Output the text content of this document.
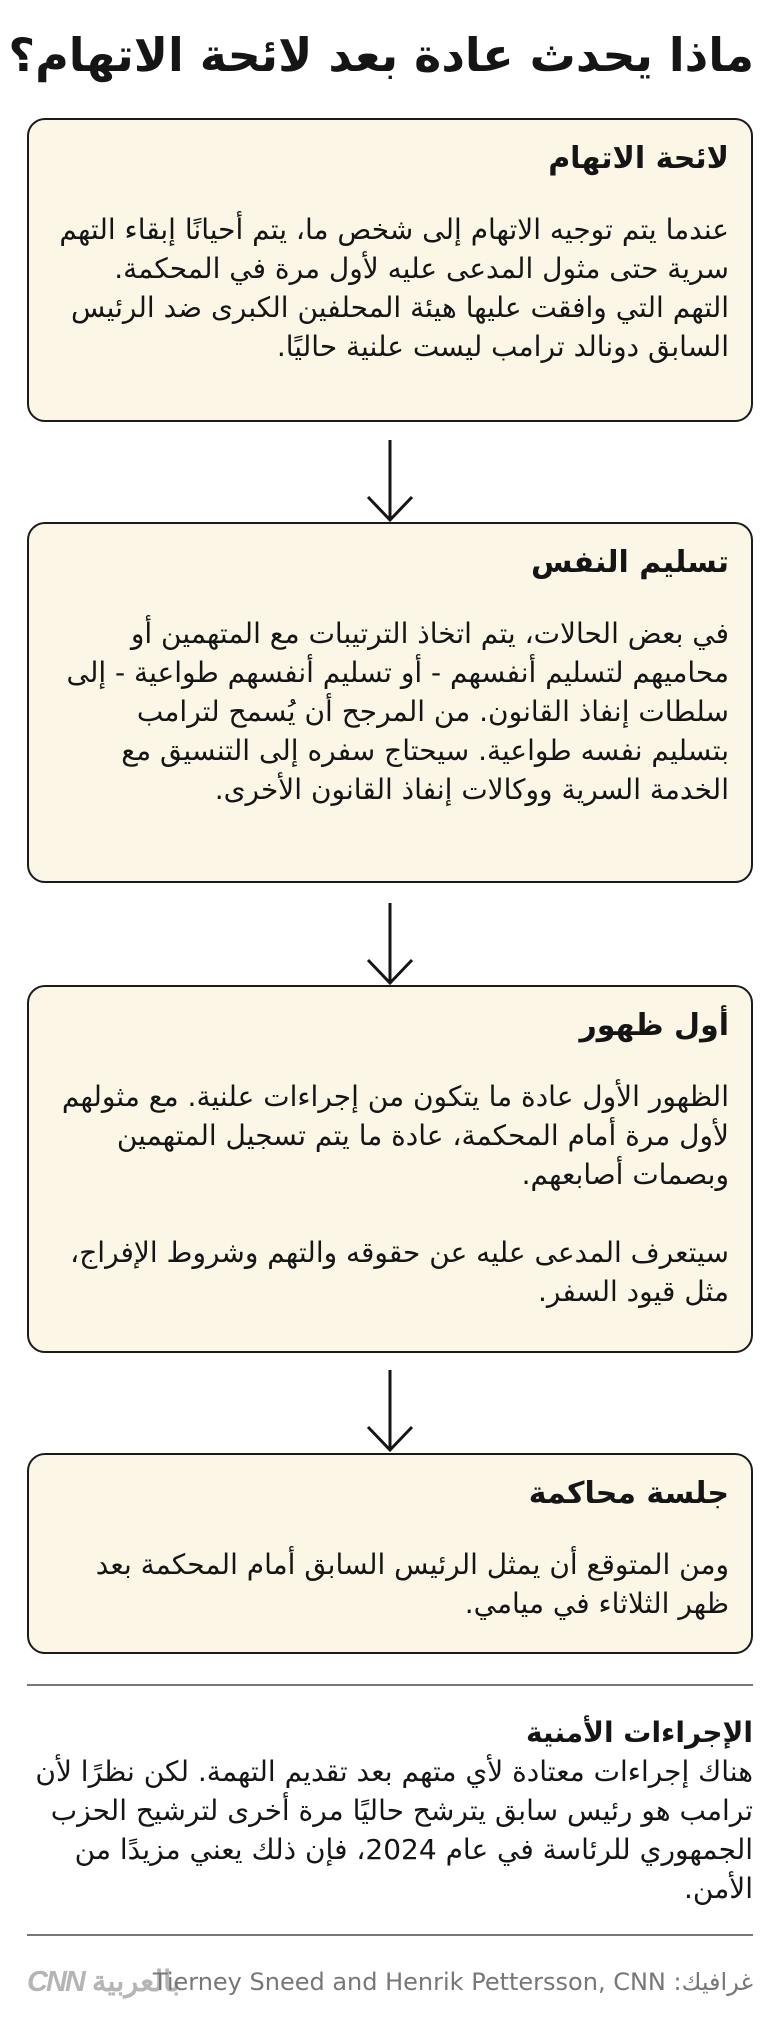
ماذا يحدث عادة بعد لائحة الاتهام؟
لائحة الاتهام

عندما يتم توجيه الاتهام إلى شخص ما، يتم أحيانًا إبقاء التهم سرية حتى مثول المدعى عليه لأول مرة في المحكمة. التهم التي وافقت عليها هيئة المحلفين الكبرى ضد الرئيس السابق دونالد ترامب ليست علنية حاليًا.

تسليم النفس

في بعض الحالات، يتم اتخاذ الترتيبات مع المتهمين أو محاميهم لتسليم أنفسهم - أو تسليم أنفسهم طواعية - إلى سلطات إنفاذ القانون. من المرجح أن يُسمح لترامب بتسليم نفسه طواعية. سيحتاج سفره إلى التنسيق مع الخدمة السرية ووكالات إنفاذ القانون الأخرى.

أول ظهور

الظهور الأول عادة ما يتكون من إجراءات علنية. مع مثولهم لأول مرة أمام المحكمة، عادة ما يتم تسجيل المتهمين وبصمات أصابعهم.

سيتعرف المدعى عليه عن حقوقه والتهم وشروط الإفراج، مثل قيود السفر.

جلسة محاكمة

ومن المتوقع أن يمثل الرئيس السابق أمام المحكمة بعد ظهر الثلاثاء في ميامي.

الإجراءات الأمنية

هناك إجراءات معتادة لأي متهم بعد تقديم التهمة. لكن نظرًا لأن ترامب هو رئيس سابق يترشح حاليًا مرة أخرى لترشيح الحزب الجمهوري للرئاسة في عام 2024، فإن ذلك يعني مزيدًا من الأمن.

CNN بالعربية
غرافيك: Tierney Sneed and Henrik Pettersson, CNN
